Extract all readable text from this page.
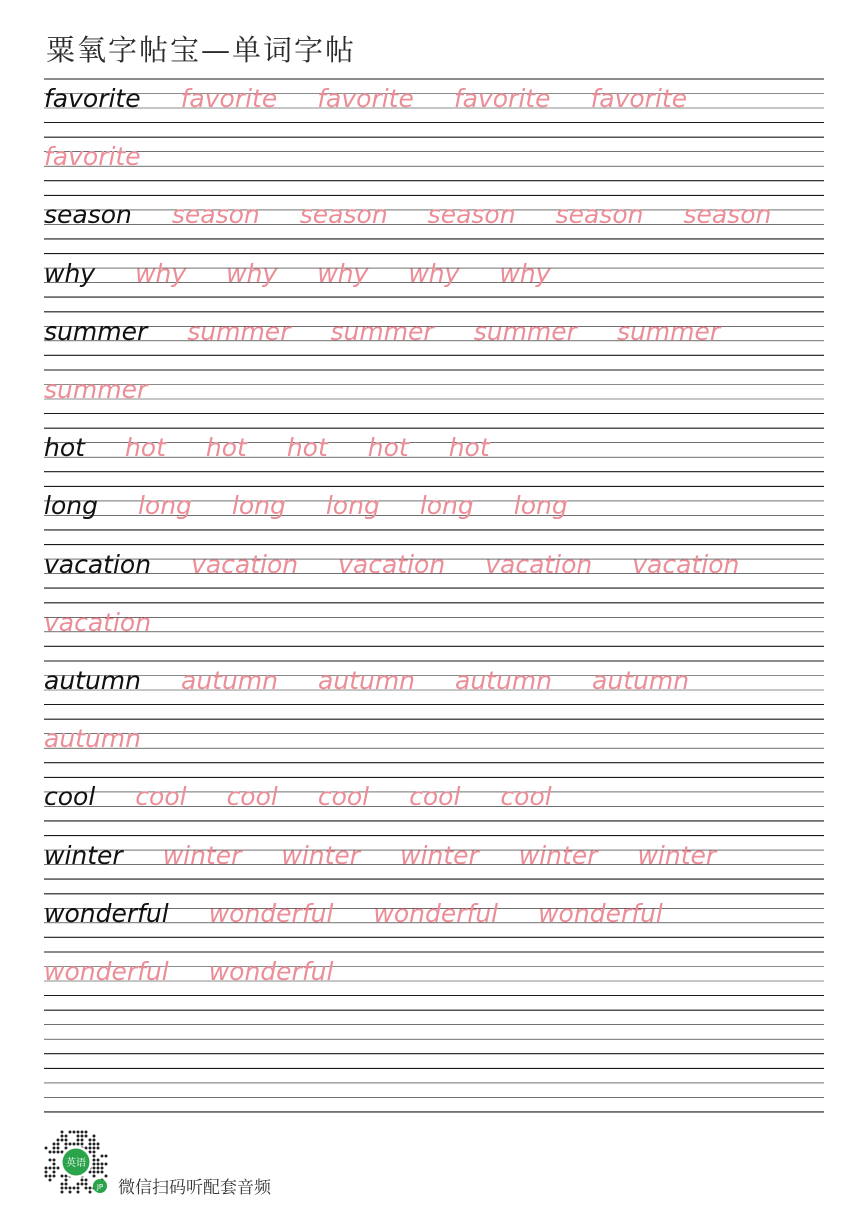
粟氧字帖宝—单词字帖
favorite favorite favorite favorite favorite
favorite
season season season season season season
why why why why why why
summer summer summer summer summer
summer
hot hot hot hot hot hot
long long long long long long
vacation vacation vacation vacation vacation
vacation
autumn autumn autumn autumn autumn
autumn
cool cool cool cool cool cool
winter winter winter winter winter winter
wonderful wonderful wonderful wonderful
wonderful wonderful
英语
JP 微信扫码听配套音频
